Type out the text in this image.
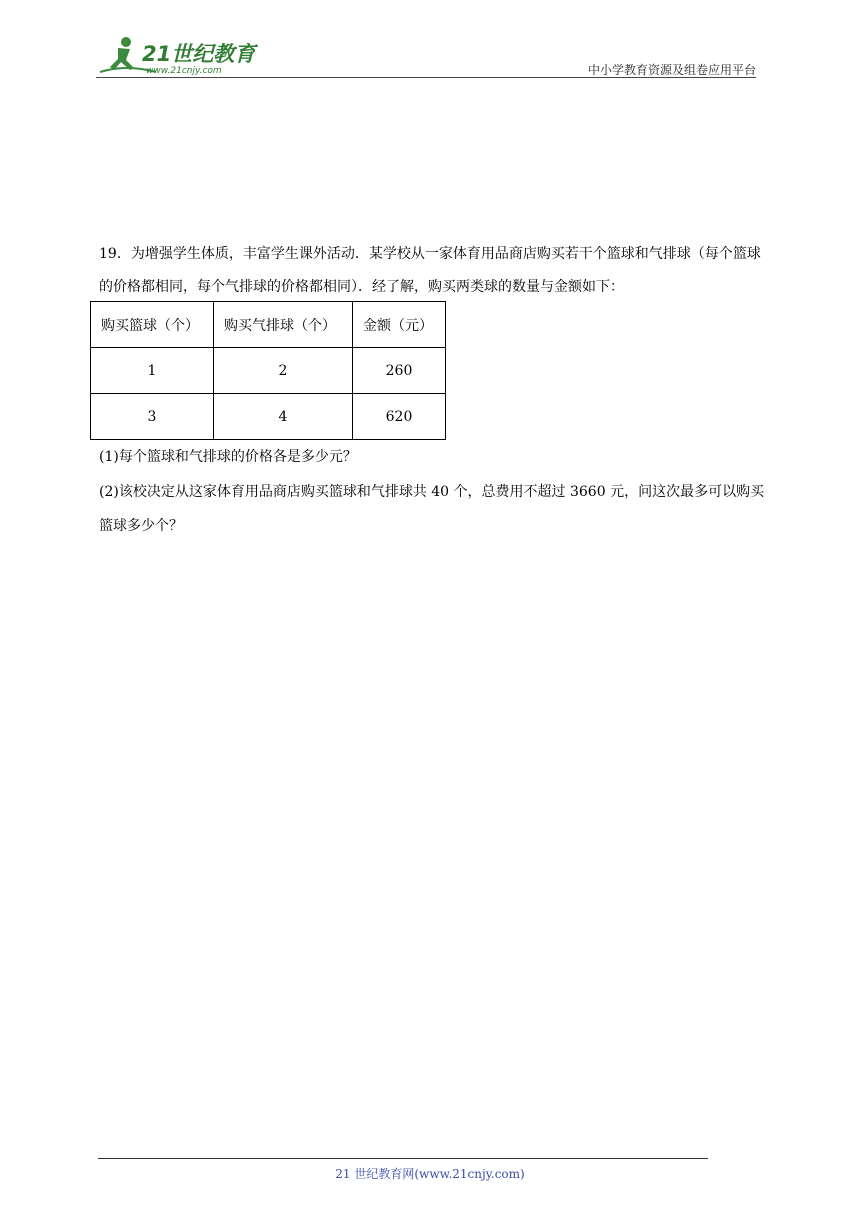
21世纪教育
www.21cnjy.com	中小学教育资源及组卷应用平台

19．为增强学生体质，丰富学生课外活动．某学校从一家体育用品商店购买若干个篮球和气排球（每个篮球的价格都相同，每个气排球的价格都相同）．经了解，购买两类球的数量与金额如下：

购买篮球（个）	购买气排球（个）	金额（元）
1	2	260
3	4	620
(1)每个篮球和气排球的价格各是多少元？
(2)该校决定从这家体育用品商店购买篮球和气排球共 40 个，总费用不超过 3660 元，问这次最多可以购买篮球多少个？
21 世纪教育网(www.21cnjy.com)
